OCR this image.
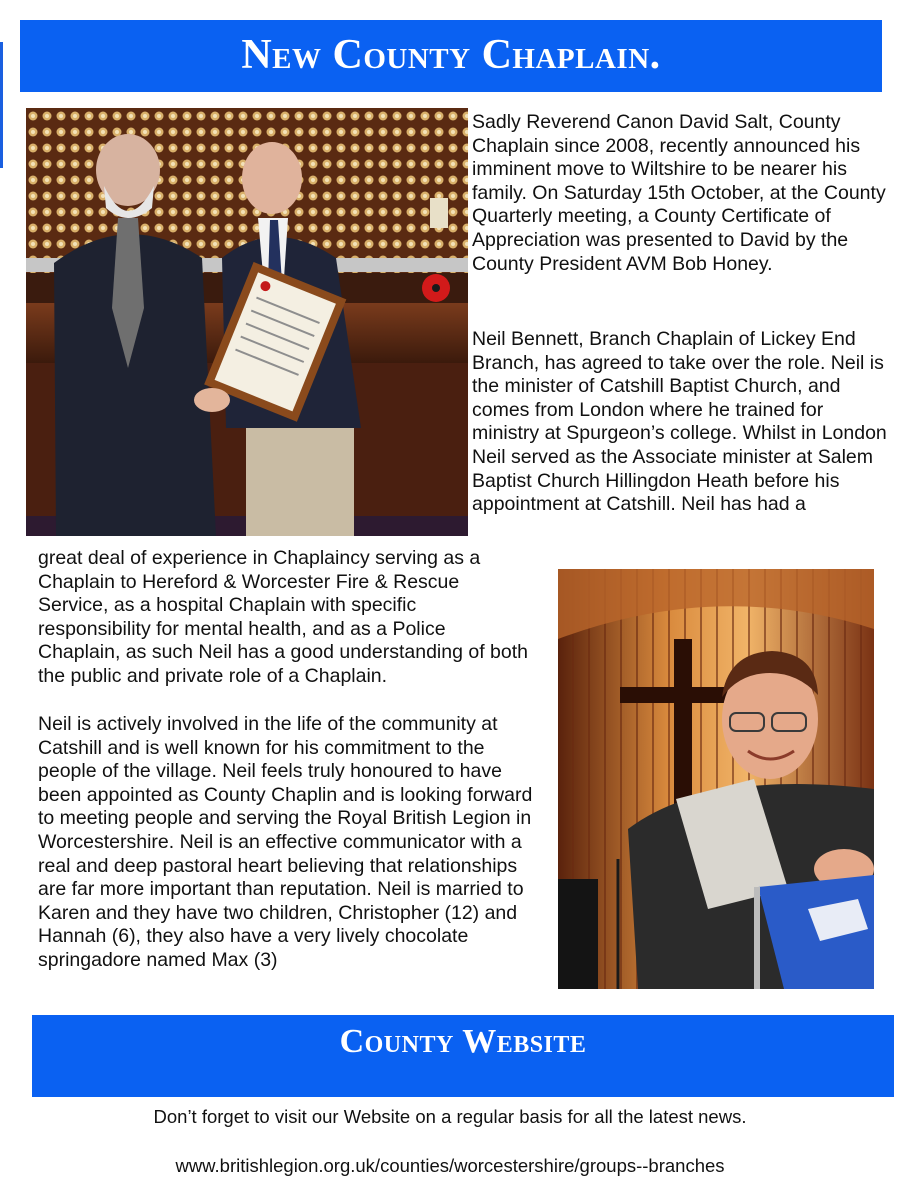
New County Chaplain.
Sadly Reverend Canon David Salt, County Chaplain since 2008, recently announced his imminent move to Wiltshire to be nearer his family. On Saturday 15th October, at the County Quarterly meeting, a County Certificate of Appreciation was presented to David by the County President AVM Bob Honey.
Neil Bennett, Branch Chaplain of Lickey End Branch, has agreed to take over the role. Neil is the minister of Catshill Baptist Church, and comes from London where he trained for ministry at Spurgeon’s college. Whilst in London Neil served as the Associate minister at Salem Baptist Church Hillingdon Heath before his appointment at Catshill. Neil has had a
great deal of experience in Chaplaincy serving as a Chaplain to Hereford & Worcester Fire & Rescue Service, as a hospital Chaplain with specific responsibility for mental health, and as a Police Chaplain, as such Neil has a good understanding of both the public and private role of a Chaplain.
Neil is actively involved in the life of the community at Catshill and is well known for his commitment to the people of the village. Neil feels truly honoured to have been appointed as County Chaplin and is looking forward to meeting people and serving the Royal British Legion in Worcestershire. Neil is an effective communicator with a real and deep pastoral heart believing that relationships are far more important than reputation. Neil is married to Karen and they have two children, Christopher (12) and Hannah (6), they also have a very lively chocolate springadore named Max (3)
County Website
Don’t forget to visit our Website on a regular basis for all the latest news.
www.britishlegion.org.uk/counties/worcestershire/groups--branches
